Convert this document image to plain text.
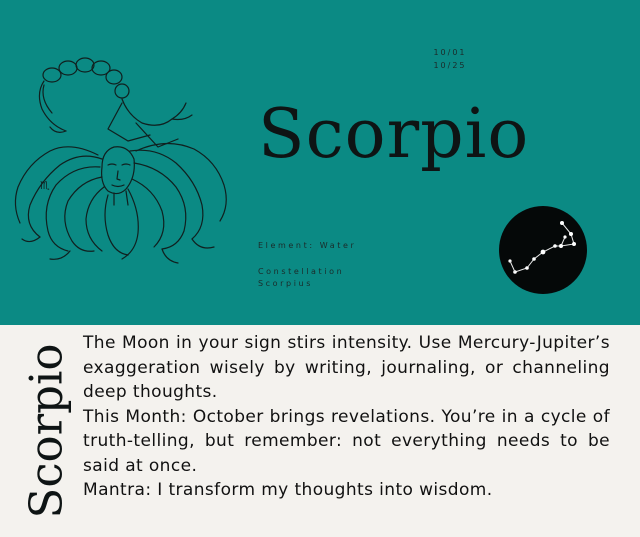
♏
10/01
10/25
Scorpio
Element: Water
Constellation
Scorpius
Scorpio

The Moon in your sign stirs intensity. Use Mercury-Jupiter’s exaggeration wisely by writing, journaling, or channeling deep thoughts.

This Month: October brings revelations. You’re in a cycle of truth-telling, but remember: not everything needs to be said at once.

Mantra: I transform my thoughts into wisdom.
